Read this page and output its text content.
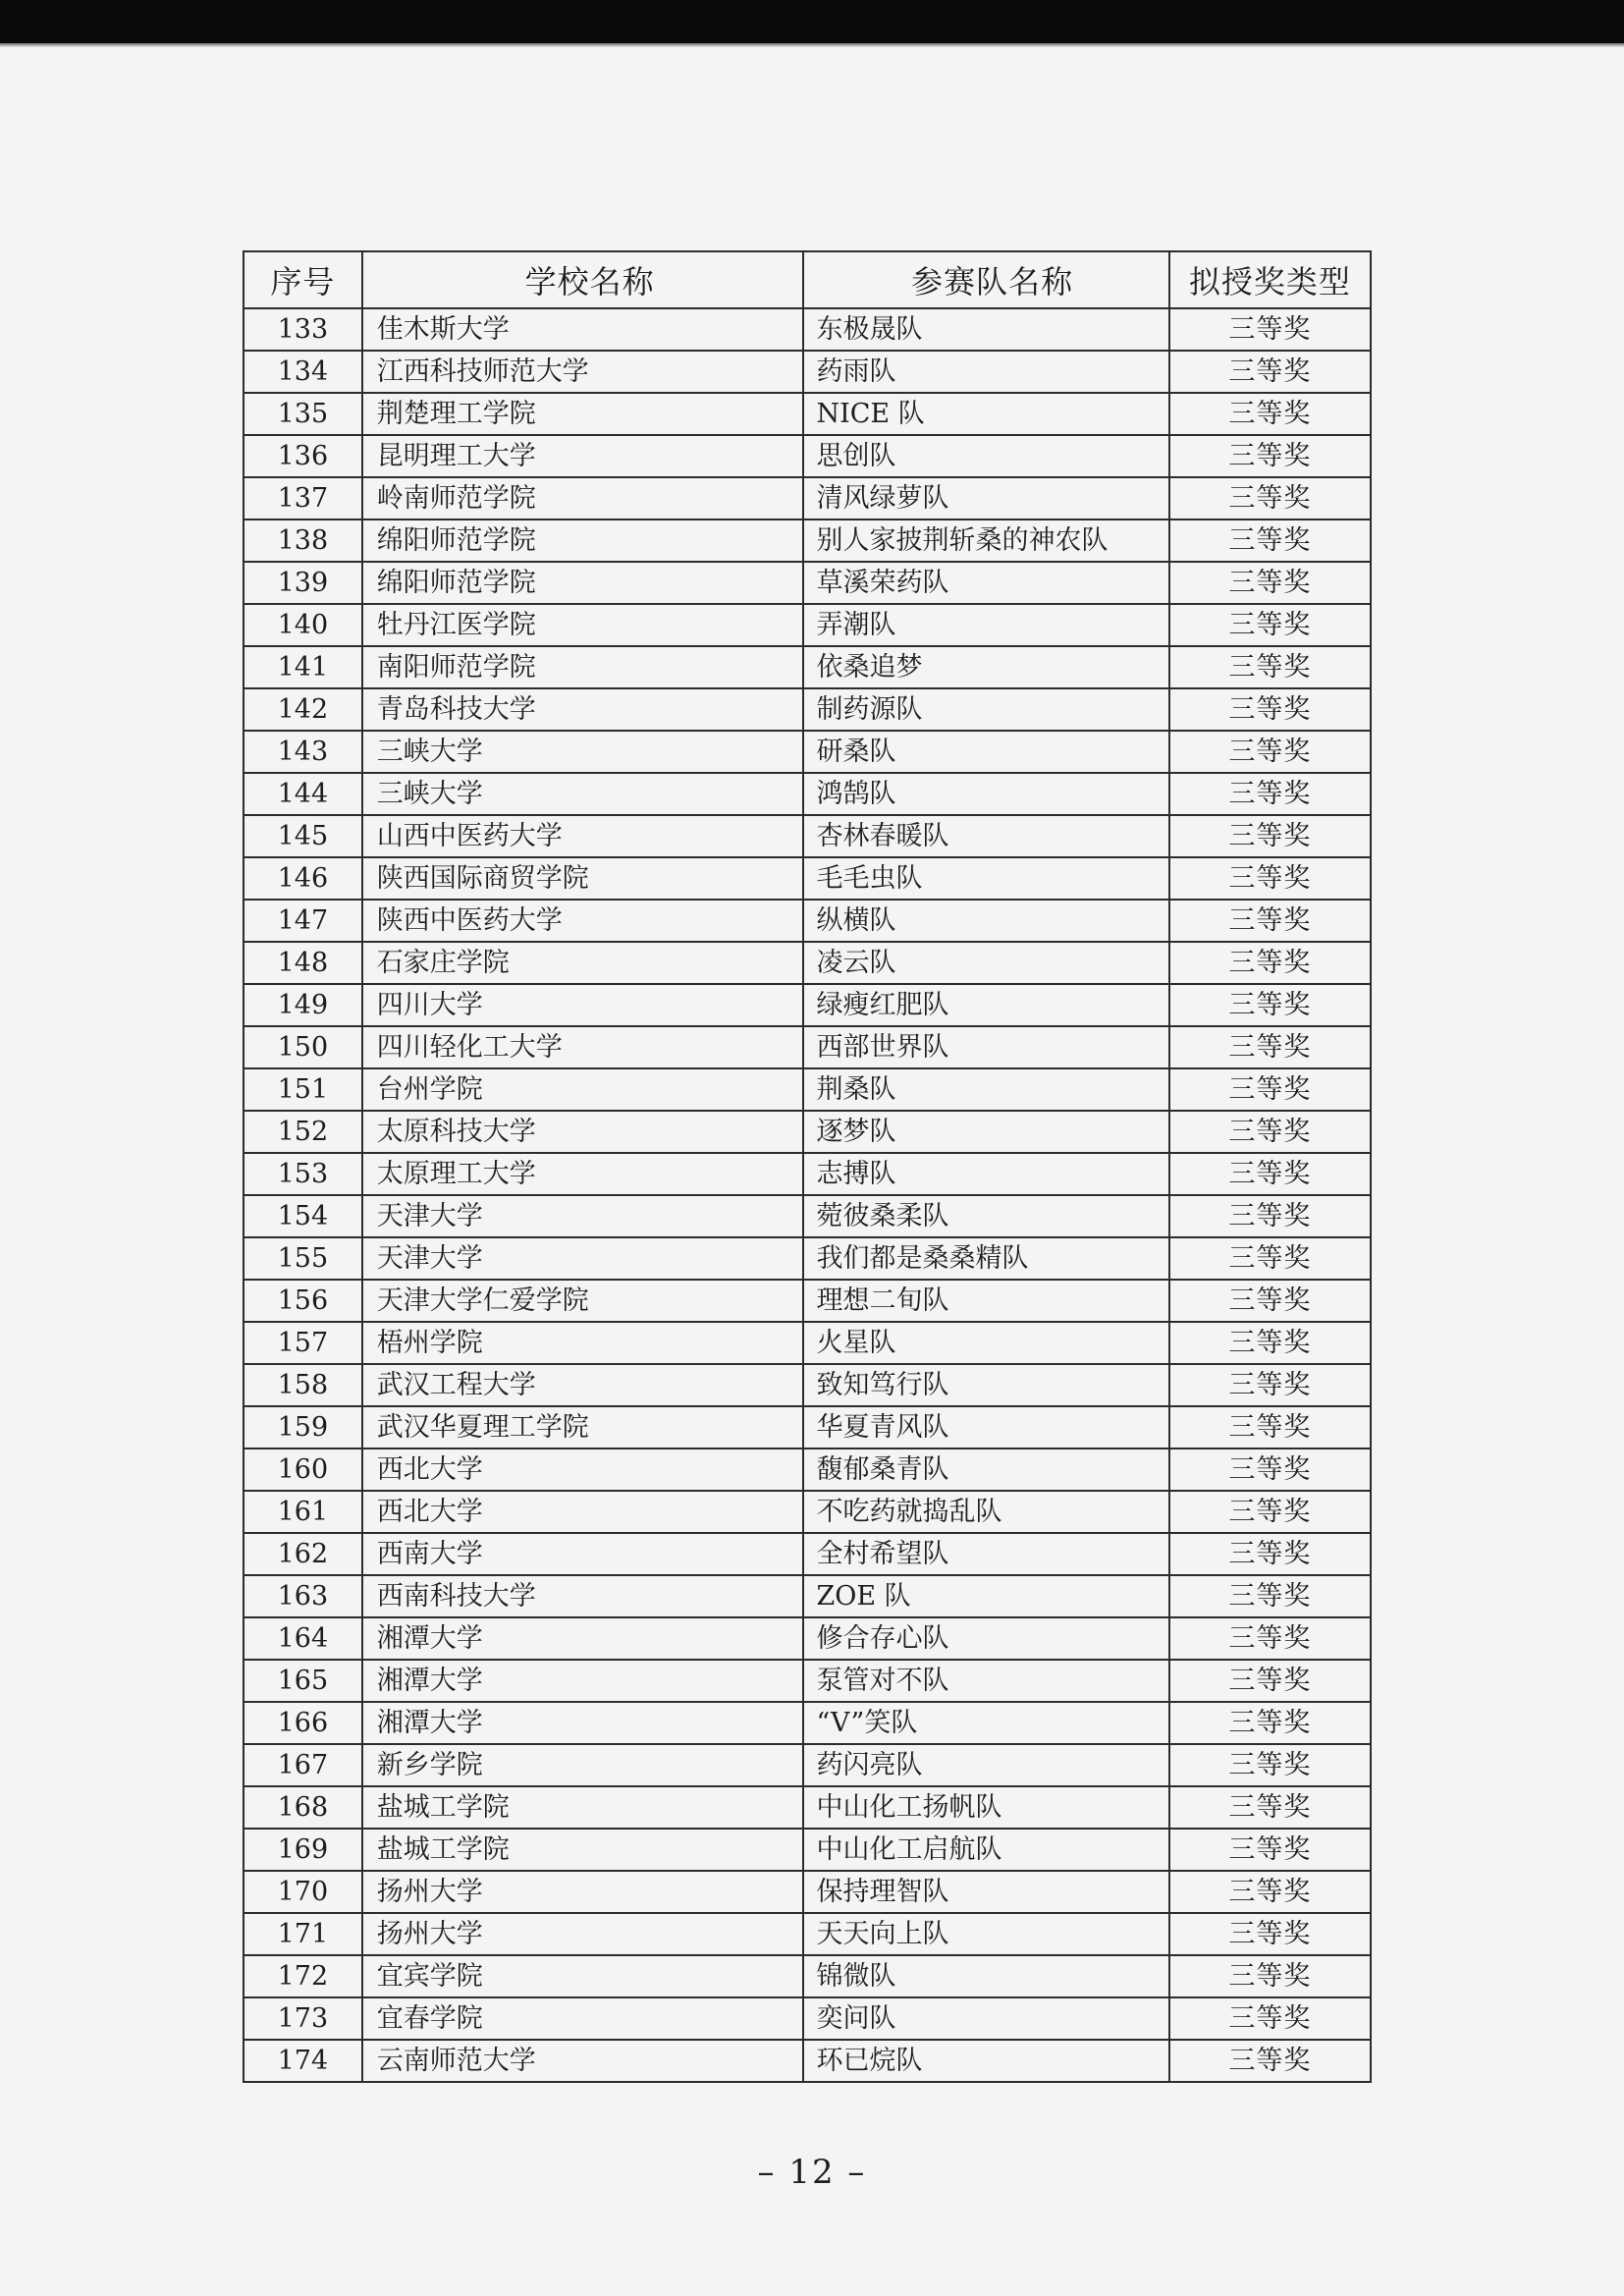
序号	学校名称	参赛队名称	拟授奖类型
133	佳木斯大学	东极晟队	三等奖
134	江西科技师范大学	药雨队	三等奖
135	荆楚理工学院	NICE 队	三等奖
136	昆明理工大学	思创队	三等奖
137	岭南师范学院	清风绿萝队	三等奖
138	绵阳师范学院	别人家披荆斩桑的神农队	三等奖
139	绵阳师范学院	草溪荣药队	三等奖
140	牡丹江医学院	弄潮队	三等奖
141	南阳师范学院	依桑追梦	三等奖
142	青岛科技大学	制药源队	三等奖
143	三峡大学	研桑队	三等奖
144	三峡大学	鸿鹄队	三等奖
145	山西中医药大学	杏林春暖队	三等奖
146	陕西国际商贸学院	毛毛虫队	三等奖
147	陕西中医药大学	纵横队	三等奖
148	石家庄学院	凌云队	三等奖
149	四川大学	绿瘦红肥队	三等奖
150	四川轻化工大学	西部世界队	三等奖
151	台州学院	荆桑队	三等奖
152	太原科技大学	逐梦队	三等奖
153	太原理工大学	志搏队	三等奖
154	天津大学	菀彼桑柔队	三等奖
155	天津大学	我们都是桑桑精队	三等奖
156	天津大学仁爱学院	理想二旬队	三等奖
157	梧州学院	火星队	三等奖
158	武汉工程大学	致知笃行队	三等奖
159	武汉华夏理工学院	华夏青风队	三等奖
160	西北大学	馥郁桑青队	三等奖
161	西北大学	不吃药就捣乱队	三等奖
162	西南大学	全村希望队	三等奖
163	西南科技大学	ZOE 队	三等奖
164	湘潭大学	修合存心队	三等奖
165	湘潭大学	泵管对不队	三等奖
166	湘潭大学	“V”笑队	三等奖
167	新乡学院	药闪亮队	三等奖
168	盐城工学院	中山化工扬帆队	三等奖
169	盐城工学院	中山化工启航队	三等奖
170	扬州大学	保持理智队	三等奖
171	扬州大学	天天向上队	三等奖
172	宜宾学院	锦微队	三等奖
173	宜春学院	奕问队	三等奖
174	云南师范大学	环已烷队	三等奖
– 12 –
